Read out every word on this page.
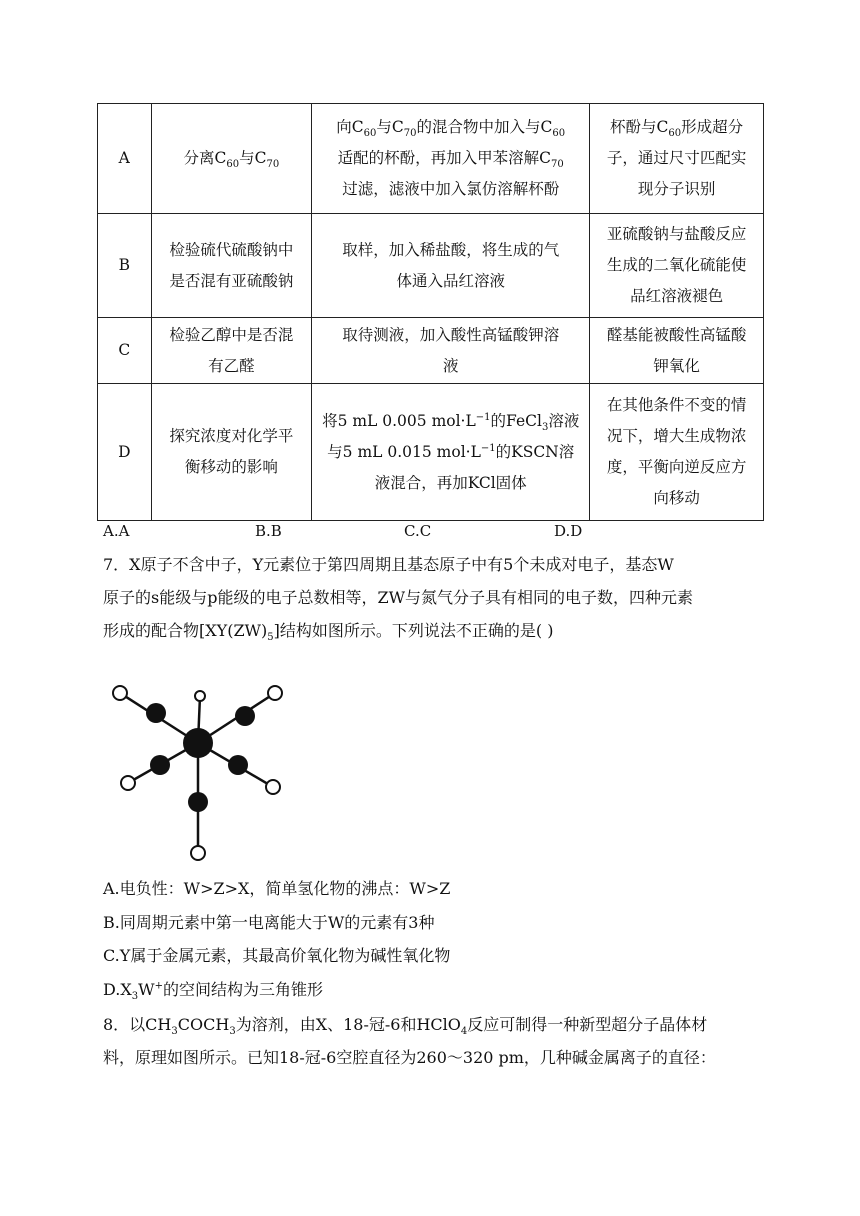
A	分离$C_{60}$与$C_{70}$	向$C_{60}$与$C_{70}$的混合物中加入与$C_{60}$
适配的杯酚，再加入甲苯溶解$C_{70}$
过滤，滤液中加入氯仿溶解杯酚	杯酚与$C_{60}$形成超分
子，通过尺寸匹配实
现分子识别

B	检验硫代硫酸钠中
是否混有亚硫酸钠	取样，加入稀盐酸，将生成的气
体通入品红溶液	亚硫酸钠与盐酸反应
生成的二氧化硫能使
品红溶液褪色

C	检验乙醇中是否混
有乙醛	取待测液，加入酸性高锰酸钾溶
液	醛基能被酸性高锰酸
钾氧化

D	探究浓度对化学平
衡移动的影响	将5 mL 0.005 $mol\cdot L^{-1}$的FeCl$_3$溶液
与5 mL 0.015 $mol\cdot L^{-1}$的KSCN溶
液混合，再加KCl固体	在其他条件不变的情
况下，增大生成物浓
度，平衡向逆反应方
向移动
A.A	B.B	C.C	D.D
7．X原子不含中子，Y元素位于第四周期且基态原子中有5个未成对电子，基态W
原子的s能级与p能级的电子总数相等，ZW与氮气分子具有相同的电子数，四种元素
形成的配合物$[XY(ZW)_5]$结构如图所示。下列说法不正确的是( )
A.电负性：W>Z>X，简单氢化物的沸点：W>Z
B.同周期元素中第一电离能大于W的元素有3种
C.Y属于金属元素，其最高价氧化物为碱性氧化物
$D.X_3W^+$的空间结构为三角锥形
8．以$CH_3COCH_3$为溶剂，由X、18-冠-6和HClO$_4$反应可制得一种新型超分子晶体材
料，原理如图所示。已知18-冠-6空腔直径为260～320 pm，几种碱金属离子的直径：
